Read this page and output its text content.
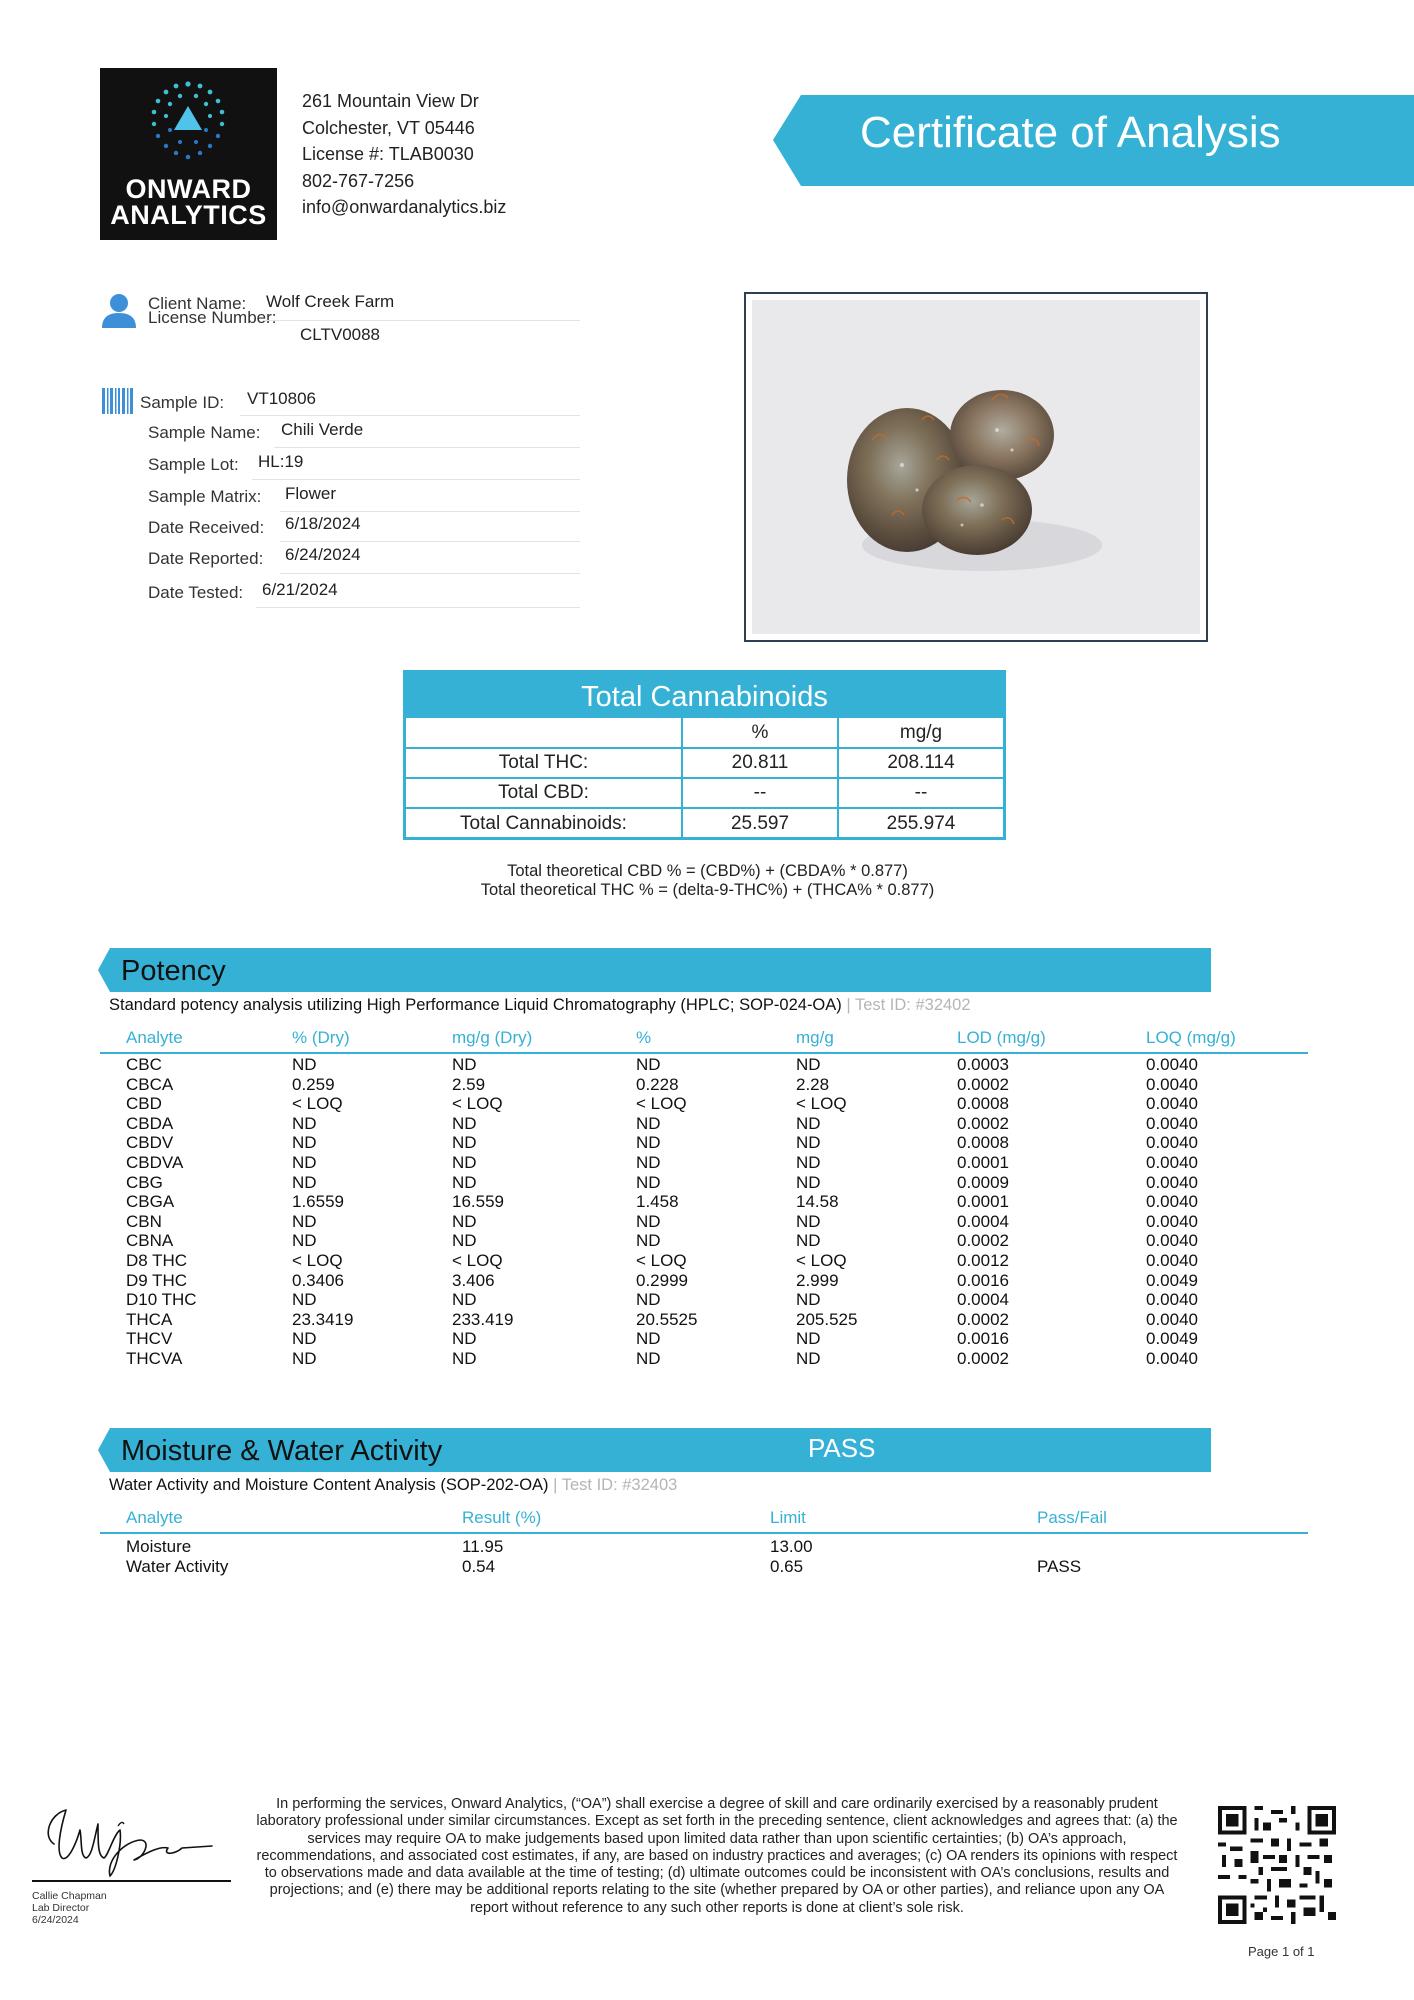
ONWARD
ANALYTICS
261 Mountain View Dr
Colchester, VT 05446
License #: TLAB0030
802-767-7256
info@onwardanalytics.biz
Certificate of Analysis
Client Name: Wolf Creek Farm
License Number:
CLTV0088
Sample ID: VT10806
Sample Name: Chili Verde
Sample Lot: HL:19
Sample Matrix: Flower
Date Received: 6/18/2024
Date Reported: 6/24/2024
Date Tested: 6/21/2024
Total Cannabinoids
	%	mg/g
Total THC:	20.811	208.114
Total CBD:	--	--
Total Cannabinoids:	25.597	255.974
Total theoretical CBD % = (CBD%) + (CBDA% * 0.877)
Total theoretical THC % = (delta-9-THC%) + (THCA% * 0.877)
Potency
Standard potency analysis utilizing High Performance Liquid Chromatography (HPLC; SOP-024-OA) | Test ID: #32402
Analyte	% (Dry)	mg/g (Dry)	%	mg/g	LOD (mg/g)	LOQ (mg/g)
CBC	ND	ND	ND	ND	0.0003	0.0040
CBCA	0.259	2.59	0.228	2.28	0.0002	0.0040
CBD	< LOQ	< LOQ	< LOQ	< LOQ	0.0008	0.0040
CBDA	ND	ND	ND	ND	0.0002	0.0040
CBDV	ND	ND	ND	ND	0.0008	0.0040
CBDVA	ND	ND	ND	ND	0.0001	0.0040
CBG	ND	ND	ND	ND	0.0009	0.0040
CBGA	1.6559	16.559	1.458	14.58	0.0001	0.0040
CBN	ND	ND	ND	ND	0.0004	0.0040
CBNA	ND	ND	ND	ND	0.0002	0.0040
D8 THC	< LOQ	< LOQ	< LOQ	< LOQ	0.0012	0.0040
D9 THC	0.3406	3.406	0.2999	2.999	0.0016	0.0049
D10 THC	ND	ND	ND	ND	0.0004	0.0040
THCA	23.3419	233.419	20.5525	205.525	0.0002	0.0040
THCV	ND	ND	ND	ND	0.0016	0.0049
THCVA	ND	ND	ND	ND	0.0002	0.0040
Moisture & Water Activity	PASS
Water Activity and Moisture Content Analysis (SOP-202-OA) | Test ID: #32403
Analyte	Result (%)	Limit	Pass/Fail
Moisture	11.95	13.00
Water Activity	0.54	0.65	PASS
Callie Chapman
Lab Director
6/24/2024
In performing the services, Onward Analytics, (“OA”) shall exercise a degree of skill and care ordinarily exercised by a reasonably prudent laboratory professional under similar circumstances. Except as set forth in the preceding sentence, client acknowledges and agrees that: (a) the services may require OA to make judgements based upon limited data rather than upon scientific certainties; (b) OA’s approach, recommendations, and associated cost estimates, if any, are based on industry practices and averages; (c) OA renders its opinions with respect to observations made and data available at the time of testing; (d) ultimate outcomes could be inconsistent with OA’s conclusions, results and projections; and (e) there may be additional reports relating to the site (whether prepared by OA or other parties), and reliance upon any OA report without reference to any such other reports is done at client’s sole risk.
Page 1 of 1
